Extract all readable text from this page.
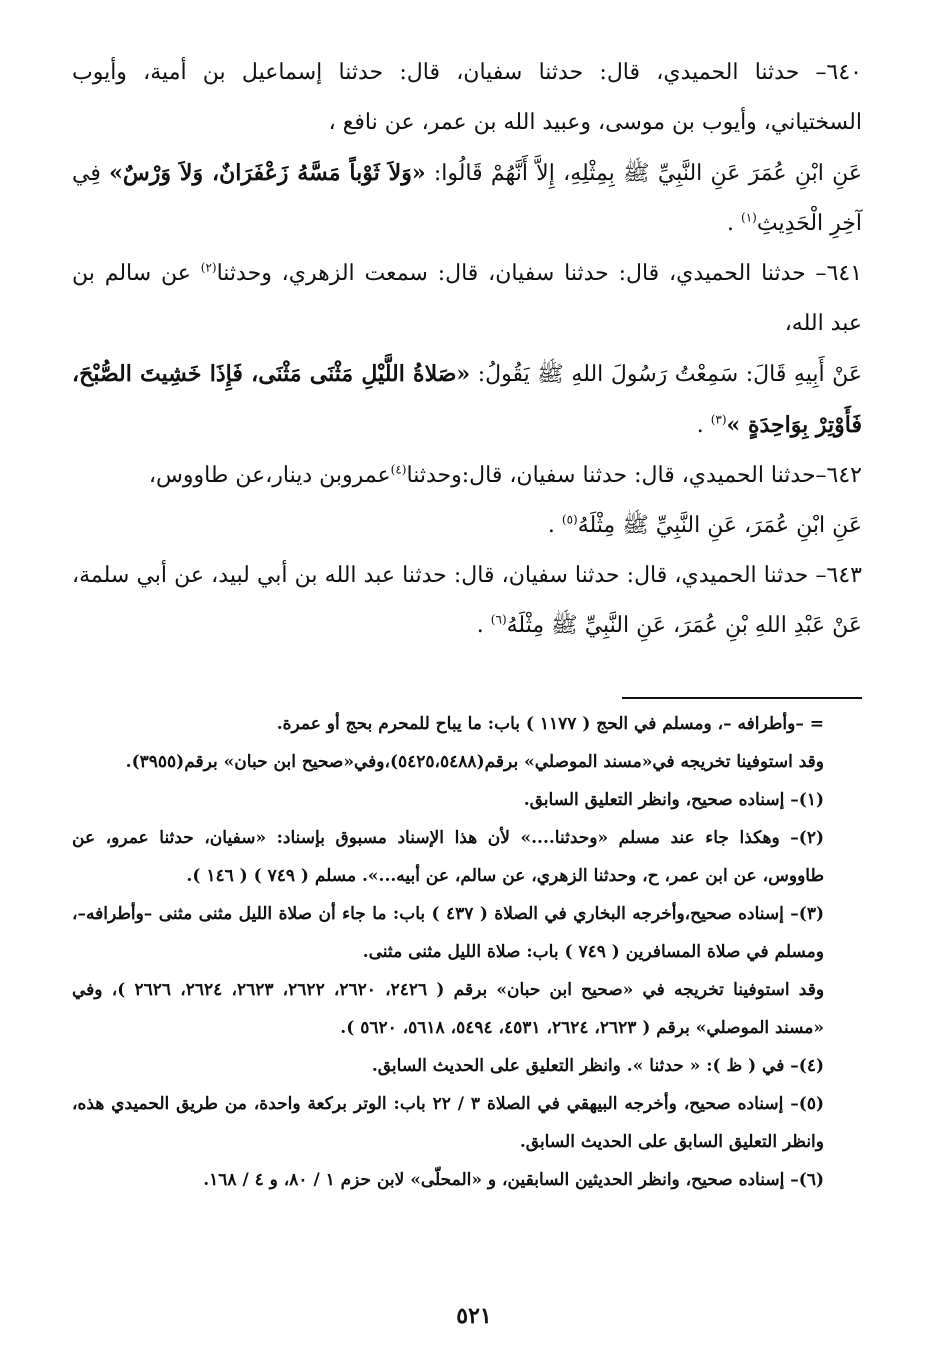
٦٤٠– حدثنا الحميدي، قال: حدثنا سفيان، قال: حدثنا إسماعيل بن أمية، وأيوب السختياني، وأيوب بن موسى، وعبيد الله بن عمر، عن نافع ،

عَنِ ابْنِ عُمَرَ عَنِ النَّبِيِّ ﷺ بِمِثْلِهِ، إِلاَّ أَنَّهُمْ قَالُوا: «وَلاَ ثَوْباً مَسَّهُ زَعْفَرَانٌ، وَلاَ وَرْسٌ» فِي آخِرِ الْحَدِيثِ$^{(١)}$ .

٦٤١– حدثنا الحميدي، قال: حدثنا سفيان، قال: سمعت الزهري، وحدثنا$^{(٢)}$ عن سالم بن عبد الله،

عَنْ أَبِيهِ قَالَ: سَمِعْتُ رَسُولَ اللهِ ﷺ يَقُولُ: «صَلاةُ اللَّيْلِ مَثْنَى مَثْنَى، فَإِذَا خَشِيتَ الصُّبْحَ، فَأَوْتِرْ بِوَاحِدَةٍ »$^{(٣)}$ .

٦٤٢–حدثنا الحميدي، قال: حدثنا سفيان، قال:وحدثنا$^{(٤)}$عمروبن دينار،عن طاووس،

عَنِ ابْنِ عُمَرَ، عَنِ النَّبِيِّ ﷺ مِثْلَهُ$^{(٥)}$ .

٦٤٣– حدثنا الحميدي، قال: حدثنا سفيان، قال: حدثنا عبد الله بن أبي لبيد، عن أبي سلمة، عَنْ عَبْدِ اللهِ بْنِ عُمَرَ، عَنِ النَّبِيِّ ﷺ مِثْلَهُ$^{(٦)}$ .

= –وأطرافه –، ومسلم في الحج ( ١١٧٧ ) باب: ما يباح للمحرم بحج أو عمرة.

وقد استوفينا تخريجه في«مسند الموصلي» برقم(٥٤٢٥،٥٤٨٨)،وفي«صحيح ابن حبان» برقم(٣٩٥٥).

(١)– إسناده صحيح، وانظر التعليق السابق.

(٢)– وهكذا جاء عند مسلم «وحدثنا....» لأن هذا الإسناد مسبوق بإسناد: «سفيان، حدثنا عمرو، عن طاووس، عن ابن عمر، ح، وحدثنا الزهري، عن سالم، عن أبيه...». مسلم ( ٧٤٩ ) ( ١٤٦ ).

(٣)– إسناده صحيح،وأخرجه البخاري في الصلاة ( ٤٣٧ ) باب: ما جاء أن صلاة الليل مثنى مثنى –وأطرافه–، ومسلم في صلاة المسافرين ( ٧٤٩ ) باب: صلاة الليل مثنى مثنى.

وقد استوفينا تخريجه في «صحيح ابن حبان» برقم ( ٢٤٢٦، ٢٦٢٠، ٢٦٢٢، ٢٦٢٣، ٢٦٢٤، ٢٦٢٦ )، وفي «مسند الموصلي» برقم ( ٢٦٢٣، ٢٦٢٤، ٤٥٣١، ٥٤٩٤، ٥٦١٨، ٥٦٢٠ ).

(٤)– في ( ظ ): « حدثنا ». وانظر التعليق على الحديث السابق.

(٥)– إسناده صحيح، وأخرجه البيهقي في الصلاة ٣ / ٢٢ باب: الوتر بركعة واحدة، من طريق الحميدي هذه، وانظر التعليق السابق على الحديث السابق.

(٦)– إسناده صحيح، وانظر الحديثين السابقين، و «المحلّى» لابن حزم ١ / ٨٠، و ٤ / ١٦٨.

٥٢١
